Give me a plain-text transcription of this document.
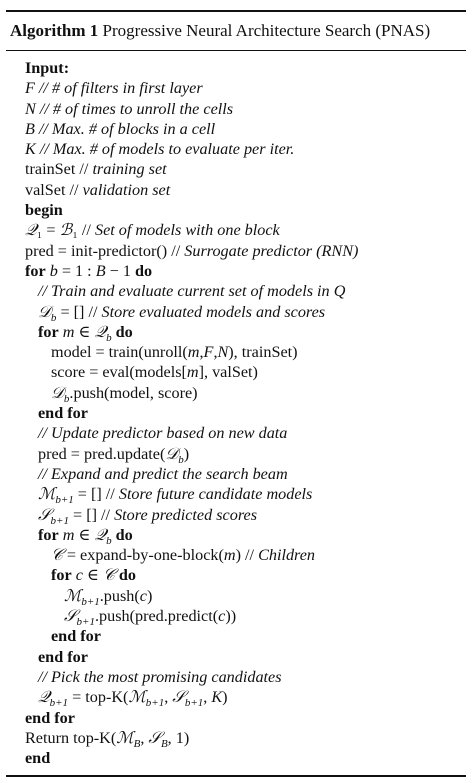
Algorithm 1 Progressive Neural Architecture Search (PNAS)
Input:
F // # of filters in first layer
N // # of times to unroll the cells
B // Max. # of blocks in a cell
K // Max. # of models to evaluate per iter.
trainSet // training set
valSet // validation set
begin
𝒬₁ = ℬ₁ // Set of models with one block
pred = init-predictor() // Surrogate predictor (RNN)
for b = 1 : B − 1 do
// Train and evaluate current set of models in Q
𝒟$_b$ = [] // Store evaluated models and scores
for m ∈ 𝒬$_b$ do
model = train(unroll(m,F,N), trainSet)
score = eval(models[m], valSet)
𝒟$_b$.push(model, score)
end for
// Update predictor based on new data
pred = pred.update(𝒟$_b$)
// Expand and predict the search beam
ℳ$_{b+1}$ = [] // Store future candidate models
𝒮$_{b+1}$ = [] // Store predicted scores
for m ∈ 𝒬$_b$ do
𝒞 = expand-by-one-block(m) // Children
for c ∈ 𝒞 do
ℳ$_{b+1}$.push(c)
𝒮$_{b+1}$.push(pred.predict(c))
end for
end for
// Pick the most promising candidates
𝒬$_{b+1}$ = top-K(ℳ$_{b+1}$, 𝒮$_{b+1}$, K)
end for
Return top-K(ℳ$_B$, 𝒮$_B$, 1)
end
